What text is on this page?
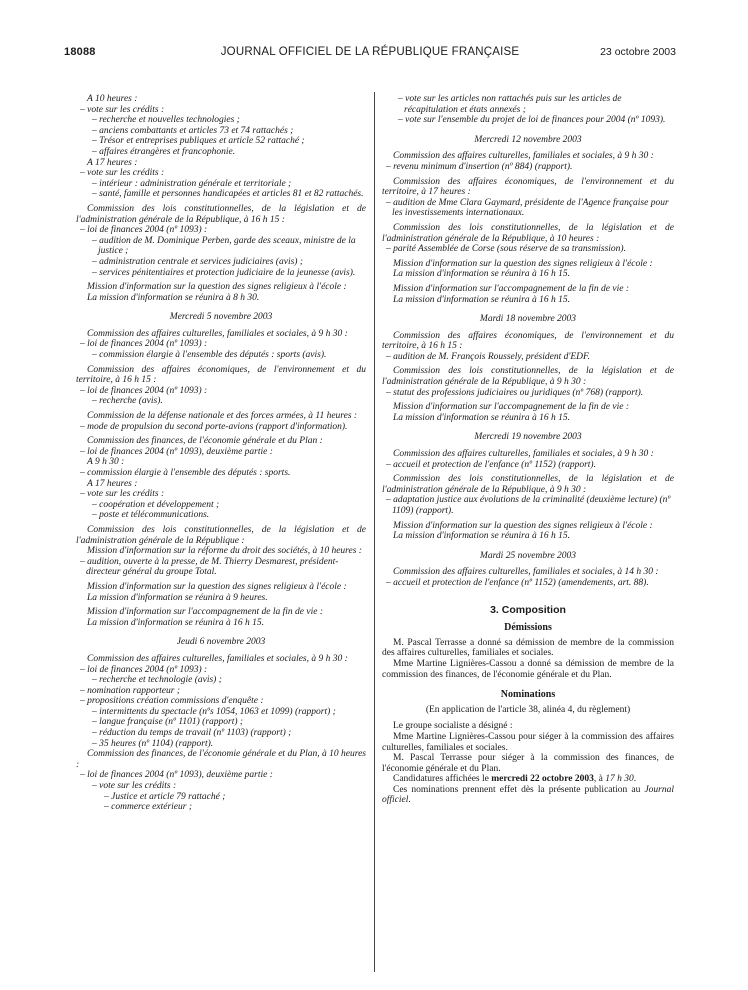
18088	JOURNAL OFFICIEL DE LA RÉPUBLIQUE FRANÇAISE	23 octobre 2003
A 10 heures :
– vote sur les crédits :
– recherche et nouvelles technologies ;
– anciens combattants et articles 73 et 74 rattachés ;
– Trésor et entreprises publiques et article 52 rattaché ;
– affaires étrangères et francophonie.
A 17 heures :
– vote sur les crédits :
– intérieur : administration générale et territoriale ;
– santé, famille et personnes handicapées et articles 81 et 82 rattachés.
Commission des lois constitutionnelles, de la législation et de l'administration générale de la République, à 16 h 15 :
– loi de finances 2004 (nº 1093) :
– audition de M. Dominique Perben, garde des sceaux, ministre de la justice ;
– administration centrale et services judiciaires (avis) ;
– services pénitentiaires et protection judiciaire de la jeunesse (avis).
Mission d'information sur la question des signes religieux à l'école :
La mission d'information se réunira à 8 h 30.
Mercredi 5 novembre 2003
Commission des affaires culturelles, familiales et sociales, à 9 h 30 :
– loi de finances 2004 (nº 1093) :
– commission élargie à l'ensemble des députés : sports (avis).
Commission des affaires économiques, de l'environnement et du territoire, à 16 h 15 :
– loi de finances 2004 (nº 1093) :
– recherche (avis).
Commission de la défense nationale et des forces armées, à 11 heures :
– mode de propulsion du second porte-avions (rapport d'information).
Commission des finances, de l'économie générale et du Plan :
– loi de finances 2004 (nº 1093), deuxième partie :
A 9 h 30 :
– commission élargie à l'ensemble des députés : sports.
A 17 heures :
– vote sur les crédits :
– coopération et développement ;
– poste et télécommunications.
Commission des lois constitutionnelles, de la législation et de l'administration générale de la République :
Mission d'information sur la réforme du droit des sociétés, à 10 heures :
– audition, ouverte à la presse, de M. Thierry Desmarest, président-directeur général du groupe Total.
Mission d'information sur la question des signes religieux à l'école :
La mission d'information se réunira à 9 heures.
Mission d'information sur l'accompagnement de la fin de vie :
La mission d'information se réunira à 16 h 15.
Jeudi 6 novembre 2003
Commission des affaires culturelles, familiales et sociales, à 9 h 30 :
– loi de finances 2004 (nº 1093) :
– recherche et technologie (avis) ;
– nomination rapporteur ;
– propositions création commissions d'enquête :
– intermittents du spectacle (nºs 1054, 1063 et 1099) (rapport) ;
– langue française (nº 1101) (rapport) ;
– réduction du temps de travail (nº 1103) (rapport) ;
– 35 heures (nº 1104) (rapport).
Commission des finances, de l'économie générale et du Plan, à 10 heures :
– loi de finances 2004 (nº 1093), deuxième partie :
– vote sur les crédits :
– Justice et article 79 rattaché ;
– commerce extérieur ;
– vote sur les articles non rattachés puis sur les articles de récapitulation et états annexés ;
– vote sur l'ensemble du projet de loi de finances pour 2004 (nº 1093).
Mercredi 12 novembre 2003
Commission des affaires culturelles, familiales et sociales, à 9 h 30 :
– revenu minimum d'insertion (nº 884) (rapport).
Commission des affaires économiques, de l'environnement et du territoire, à 17 heures :
– audition de Mme Clara Gaymard, présidente de l'Agence française pour les investissements internationaux.
Commission des lois constitutionnelles, de la législation et de l'administration générale de la République, à 10 heures :
– parité Assemblée de Corse (sous réserve de sa transmission).
Mission d'information sur la question des signes religieux à l'école :
La mission d'information se réunira à 16 h 15.
Mission d'information sur l'accompagnement de la fin de vie :
La mission d'information se réunira à 16 h 15.
Mardi 18 novembre 2003
Commission des affaires économiques, de l'environnement et du territoire, à 16 h 15 :
– audition de M. François Roussely, président d'EDF.
Commission des lois constitutionnelles, de la législation et de l'administration générale de la République, à 9 h 30 :
– statut des professions judiciaires ou juridiques (nº 768) (rapport).
Mission d'information sur l'accompagnement de la fin de vie :
La mission d'information se réunira à 16 h 15.
Mercredi 19 novembre 2003
Commission des affaires culturelles, familiales et sociales, à 9 h 30 :
– accueil et protection de l'enfance (nº 1152) (rapport).
Commission des lois constitutionnelles, de la législation et de l'administration générale de la République, à 9 h 30 :
– adaptation justice aux évolutions de la criminalité (deuxième lecture) (nº 1109) (rapport).
Mission d'information sur la question des signes religieux à l'école :
La mission d'information se réunira à 16 h 15.
Mardi 25 novembre 2003
Commission des affaires culturelles, familiales et sociales, à 14 h 30 :
– accueil et protection de l'enfance (nº 1152) (amendements, art. 88).
3. Composition
Démissions
M. Pascal Terrasse a donné sa démission de membre de la commission des affaires culturelles, familiales et sociales.
Mme Martine Lignières-Cassou a donné sa démission de membre de la commission des finances, de l'économie générale et du Plan.
Nominations
(En application de l'article 38, alinéa 4, du règlement)
Le groupe socialiste a désigné :
Mme Martine Lignières-Cassou pour siéger à la commission des affaires culturelles, familiales et sociales.
M. Pascal Terrasse pour siéger à la commission des finances, de l'économie générale et du Plan.
Candidatures affichées le mercredi 22 octobre 2003, à 17 h 30.
Ces nominations prennent effet dès la présente publication au Journal officiel.
